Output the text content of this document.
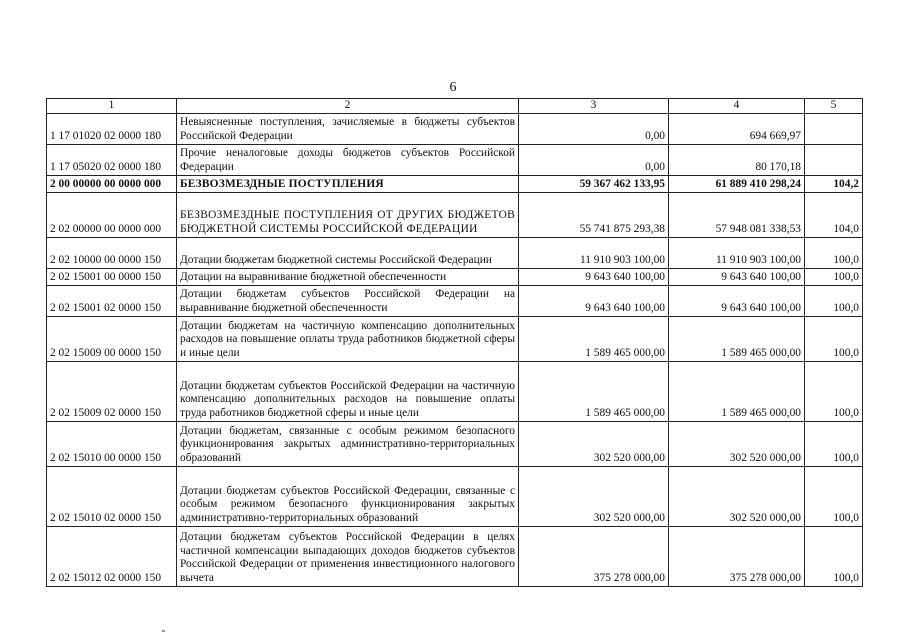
6
1	2	3	4	5
1 17 01020 02 0000 180	Невыясненные поступления, зачисляемые в бюджеты субъектов Российской Федерации	0,00	694 669,97	
1 17 05020 02 0000 180	Прочие неналоговые доходы бюджетов субъектов Российской Федерации	0,00	80 170,18	
2 00 00000 00 0000 000	БЕЗВОЗМЕЗДНЫЕ ПОСТУПЛЕНИЯ	59 367 462 133,95	61 889 410 298,24	104,2
2 02 00000 00 0000 000	БЕЗВОЗМЕЗДНЫЕ ПОСТУПЛЕНИЯ ОТ ДРУГИХ БЮДЖЕТОВ БЮДЖЕТНОЙ СИСТЕМЫ РОССИЙСКОЙ ФЕДЕРАЦИИ	55 741 875 293,38	57 948 081 338,53	104,0
2 02 10000 00 0000 150	Дотации бюджетам бюджетной системы Российской Федерации	11 910 903 100,00	11 910 903 100,00	100,0
2 02 15001 00 0000 150	Дотации на выравнивание бюджетной обеспеченности	9 643 640 100,00	9 643 640 100,00	100,0
2 02 15001 02 0000 150	Дотации бюджетам субъектов Российской Федерации на выравнивание бюджетной обеспеченности	9 643 640 100,00	9 643 640 100,00	100,0
2 02 15009 00 0000 150	Дотации бюджетам на частичную компенсацию дополнительных расходов на повышение оплаты труда работников бюджетной сферы и иные цели	1 589 465 000,00	1 589 465 000,00	100,0
2 02 15009 02 0000 150	Дотации бюджетам субъектов Российской Федерации на частичную компенсацию дополнительных расходов на повышение оплаты труда работников бюджетной сферы и иные цели	1 589 465 000,00	1 589 465 000,00	100,0
2 02 15010 00 0000 150	Дотации бюджетам, связанные с особым режимом безопасного функционирования закрытых административно-территориальных образований	302 520 000,00	302 520 000,00	100,0
2 02 15010 02 0000 150	Дотации бюджетам субъектов Российской Федерации, связанные с особым режимом безопасного функционирования закрытых административно-территориальных образований	302 520 000,00	302 520 000,00	100,0
2 02 15012 02 0000 150	Дотации бюджетам субъектов Российской Федерации в целях частичной компенсации выпадающих доходов бюджетов субъектов Российской Федерации от применения инвестиционного налогового вычета	375 278 000,00	375 278 000,00	100,0
